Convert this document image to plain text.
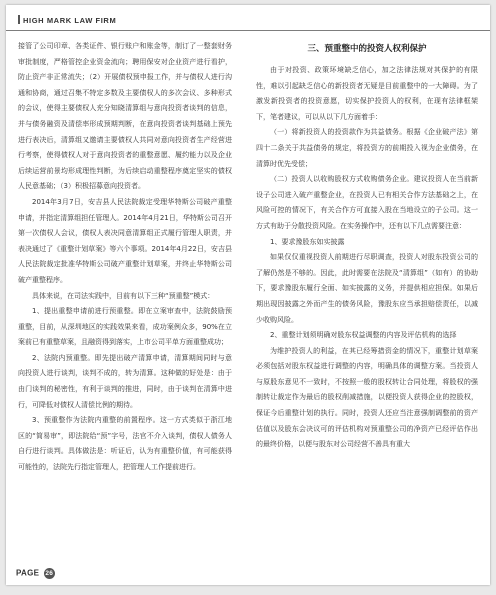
HIGH MARK LAW FIRM

接管了公司印章、各类证件、银行账户和账金等，制订了一整套财务审批制度，严格管控企业资金流向；聘用保安对企业资产进行看护，防止资产非正常流失；（2）开展债权预申报工作，并与债权人进行沟通和协商，通过召集不特定多数及主要债权人的多次会议、多种形式的会议，使得主要债权人充分知晓清算组与意向投资者谈判的信息，并与债务融资及清偿率形成预期判断，在意向投资者谈判基础上预先进行表决后，清算组又邀请主要债权人共同对意向投资者生产经营进行考察，使得债权人对于意向投资者的重整意愿、履约能力以及企业后续运营前景均形成理性判断，为后续启动重整程序奠定坚实的债权人民意基础；（3）积极招募意向投资者。

2014年3月7日，安吉县人民法院裁定受理华特斯公司破产重整申请，并指定清算组担任管理人。2014年4月21日，华特斯公司召开第一次债权人会议，债权人表决同意清算组正式履行管理人职责，并表决通过了《重整计划草案》等六个事项。2014年4月22日，安吉县人民法院裁定批准华特斯公司破产重整计划草案，并终止华特斯公司破产重整程序。

具体来说，在司法实践中，目前有以下三种“预重整”模式：

1、提出重整申请前进行预重整。即在立案审查中，法院鼓励预重整，目前，从深圳地区的实践效果来看，成功案例众多，90%在立案前已有重整草案，且融资得到落实，上市公司平单方面重整成功；

2、法院内预重整。即先提出破产清算申请，清算期间同时与意向投资人进行谈判，谈判不成的，转为清算。这种做的好处是：由于由门谈判的秘密性，有利于谈判的推进，同时，由于谈判在清算中进行，可降低对债权人清偿比例的期待。

3、预重整作为法院内重整的前置程序。这一方式类似于浙江地区的“简易审”，即法院给“预”字号，法官不介入谈判，债权人债务人自行进行谈判。具体做法是：听证后，认为有重整价值，有可能获得可能性的，法院先行指定管理人，把管理人工作提前进行。

三、预重整中的投资人权利保护

由于对投资、政策环境缺乏信心，加之法律法规对其保护的有限性，难以引起缺乏信心的新投资者无疑是目前重整中的一大障碍。为了激发新投资者的投资意愿，切实保护投资人的权利，在现有法律框架下，笔者建议，可以从以下几方面着手：

（一）将新投资人的投资款作为共益债务。根据《企业破产法》第四十二条关于共益债务的规定，将投资方的前期投入视为企业债务，在清算时优先受偿；

（二）投资人以收购股权方式收购债务企业。建议投资人在当前新设子公司进入破产重整企业，在投资人已有相关合作方法基础之上，在风险可控的情况下，有关合作方可直接入股在当地设立的子公司。这一方式有助于分散投资风险。在实务操作中，还有以下几点需要注意：

1、要求豫股东如实披露

如果仅仅重视投资人前期进行尽职调查，投资人对股东投资公司的了解仍然是不够的。因此，此时需要在法院及“清算组”（如有）的协助下，要求豫股东履行全面、如实披露的义务，并提供相应担保。如果后期出现因披露之外而产生的债务风险，豫股东应当承担赔偿责任，以减少收购风险。

2、重整计划须明确对股东权益调整的内容及评估机构的选择

为维护投资人的利益，在其已经筹措资金的情况下，重整计划草案必须包括对股东权益进行调整的内容，明确具体的调整方案。当投资人与原股东意见不一致时，不按照一般的股权转让合同处理，将股权的强制转让裁定作为最后的股权削减措施，以便投资人获得企业的控股权，保证今后重整计划的执行。同时，投资人还应当注意强制调整前的资产估值以及股东会决议可的评估机构对预重整公司的净资产已经评估作出的最终价格，以便与股东对公司经营不善具有重大

PAGE 26
